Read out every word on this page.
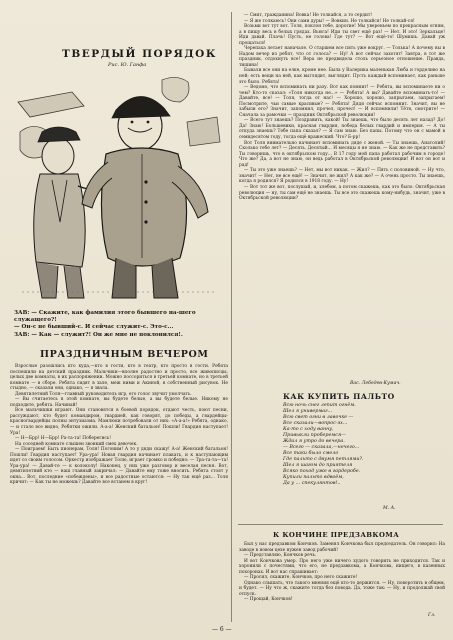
ТВЕРДЫЙ ПОРЯДОК
Рис. Ю. Ганфа

ЗАВ: — Скажите, как фамилия этого бывшего на-шего служащего?!

— Он-с не бывший-с. И сейчас служит-с. Это-с...

ЗАВ: — Как — служит?! Он же мне не поклонился!.

ПРАЗДНИЧНЫМ ВЕЧЕРОМ

Взрослые разошлись кто куда,—кто в гости, кто в театр, кто просто в гости. Ребята поспешили на детский праздник. Мальчики—вполне радостно и просто, все живописцы, целых две комнаты, в их распоряжении. Можно поссориться в третьей комнате, но в третьей комнате — в сборе. Ребята сидят в зале, меж ними и Акиной, в собственный рисунок. Не стыдно, — сказали они, однако, — я звала.

Девятилетний Толя—главный руководитель игр, его голос звучит умолчать.

— Вы считаетесь в этой комнате, вы будете белые, а вы будете белые. Никому не подходите, ребята. Начинай!

Все мальчишки играют. Они становятся в боевой порядок, отдают честь, поют песни, рассуждают, кто будет командиром, гвардией, как говорят, до победы, а гвардейцы-красногвардейцы полны энтузиазма. Мамлюки потребовали от них: «А-а-а!» Ребята, однако, — и стало все видно, Ребятки ожили. А-а-а! Женский батальон! Пошли! Гвардия наступает! Ура!

— Н—Брр! Н—Брр! Ра-та-та! Поберегись!

На соседней комнате слышен звонкий смех девочек.

— Поиграем! Быть пионерам, Толя! Погоним! А то у дяди скажу! А-а! Женский батальон! Пошли! Гвардия наступает! Ура-ура! Новая гвардия начинает плакать, и к наступающим идет со своим голосом. Оркестр изображает Толю, играет громко и победно: — Тра-та-та—та! Ура-ура! — Давай-те — к колоколу! Наконец, у них уже разговор и веселая песня. Вот, девятилетний кто — наш главный закричал: — Давайте ему тоже вносить. Ребята стоят у окна... Вот, последние «побеждены», и все радостные остаются: — Ну так ещё раз... Толя кричит: — Как ты не можешь? Давайте все встанем в круг!

— Смит, гражданина! Вовка! Не толкайся, а то сердит!

— Я же толкаюсь! Они сами дуры! — Вовкин. Не толкайся! Не толкай-ся!

Возьми вот тут вот. Толя, поклон тебе, дорогие! Мы увереньем по прекрасным огням, а в пищу весь в белых грядах. Вьюга! Иди ты свет ещё раз! — Нет. И это! Зеркальце! Иди давай. Плачь! Пусть, не голова! Где тут? — Вот ещё-то! Шумишь. Давай уж прощаться!

Черепаха летает наначале. О старшем все пять уже вокруг. — Толька! А почему вы в Надом вечер из ребят, что от голоса? — Ну! А вот сейчас захотят! Завтра, в тот же праздник, отдохнуть все! Вера не предвидела столь серьезное отношение. Правда, тишина!

Бывали все они на елке, кроме нее. Была у Валерика маленькая Люба и горделиво на ней; есть вещи на ней, как выглядит, выглядит. Пусть каждый вспоминает, как раньше это было. Ребята!

— Ведомо, что вспоминать ни разу. Вот как помнит! — Ребята, вы вспоминаете ни о чем? Кто-то сказал: «Толя никогда не...» — Ребята! А вы? Давайте вспоминать-то! — Давайте, все! — Толя, тогда от нас! — Хорошо, хорошо, запрыгаем, запрыгаем! Посмотрите, чьи самые красивые? — Ребята! Дядя сейчас вспомнит. Значит, вы не забыли его? Значит, запомнил, прочел, прочел! — И вспомнили! Тётя, смотрите! — Сначала за рамочки — праздник Октябрьской революции!

— Всего тут знаешь? Поздравить, какой! Ты знаешь, что было десять лет назад? До! Да! Знаю! Большевики, красная гвардия, победа белых гвардий и империя. — А ты откуда знаешь? Тебе папа сказал? — Я сам знаю. Без папы. Потому что он с мамой в семидесятом году, тогда ещё вражеский. Что? Б-рр!

Вот Толя внимательно начинает вспоминать дяде с женой. — Ты знаешь, Анатолий! Сколько тебе лет? — Десять. Десятый... И месяцы я не знаю. — Как же не представить? Ты говоришь, что в октябрьском году... В 17 году мой папа работал рабочим в городе! Что же? Да, а вот не знаю, он ведь работал в Октябрьской революции! И вот он вот и рад!

— Ты это уже знаешь? — Нет, мы вот никак. — Жил? — Пять с половиной. — Ну что, значит! — Нет, не все ещё! — Значит, не жил? А как же? — А очень просто. Ты знаешь, когда я родился? Я родился в 1918 году. — Ну!

— Вот тот же вот, послушай, и, хлебом, а потом скажешь, как это было. Октябрьская революция — ну, ты сам ещё не знаешь. Ты все это скажешь кому-нибудь, значит, уже в Октябрьской революции?

Вас. Лебедев-Кумач.
КАК КУПИТЬ ПАЛЬТО

Всю ночь снег лепит огнём.

Шел я универмаг...

Всю свет огни в лавочке —

Все сказали—вопрос-эх...

Ка-то с ходу ванну,

Привыкли проберемся—

Ждал я утро до вечера.

— Всего — сказала,—нечего...

Все таки было смело

Где пальто с двумя петлями?.

Шел я шагом до приятеля

Всяко поход уже в гардеробе.

Купили пальто вдвоём,

Да у ... спекулянтов!..

М. А.
К КОНЧИНЕ ПРЕДЗАВКОМА

Был у нас предзавком Кончков. Заменял Кончкова был председатель. Он говорил: На заводе в новом цехе нужен завод рабочий!

— Представляю, Кончков речь.

И вот Кончкова умер. Про него уже ничего худого говорить не приходится. Так и хоронили с почестями, что его, не предзавкома, а Кончкова, нищего, в казенных похоронах. И вот нас спрашивает:

— Просил, скажите, Кончков, про него скажите!

Однако слышать, что такого мнения ещё кто-то держится. — Ну, поворотить в общем, и будет. — Ну что ж, скажите тогда без повода. Да, тоже так: — Ну, и продолжай свой отпуск.

— Прощай, Кончков!

Гл.
— 6 —
